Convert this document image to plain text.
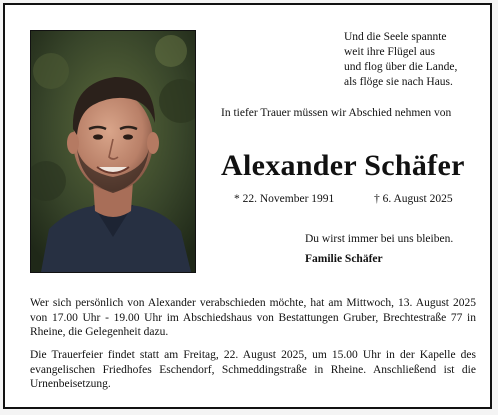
Und die Seele spannte
weit ihre Flügel aus
und flog über die Lande,
als flöge sie nach Haus.
In tiefer Trauer müssen wir Abschied nehmen von
Alexander Schäfer
* 22. November 1991	† 6. August 2025
Du wirst immer bei uns bleiben.
Familie Schäfer
Wer sich persönlich von Alexander verabschieden möchte, hat am Mittwoch, 13. August 2025 von 17.00 Uhr - 19.00 Uhr im Abschiedshaus von Bestattungen Gruber, Brechtestraße 77 in Rheine, die Gelegenheit dazu.
Die Trauerfeier findet statt am Freitag, 22. August 2025, um 15.00 Uhr in der Kapelle des evangelischen Friedhofes Eschendorf, Schmeddingstraße in Rheine. Anschließend ist die Urnenbeisetzung.
